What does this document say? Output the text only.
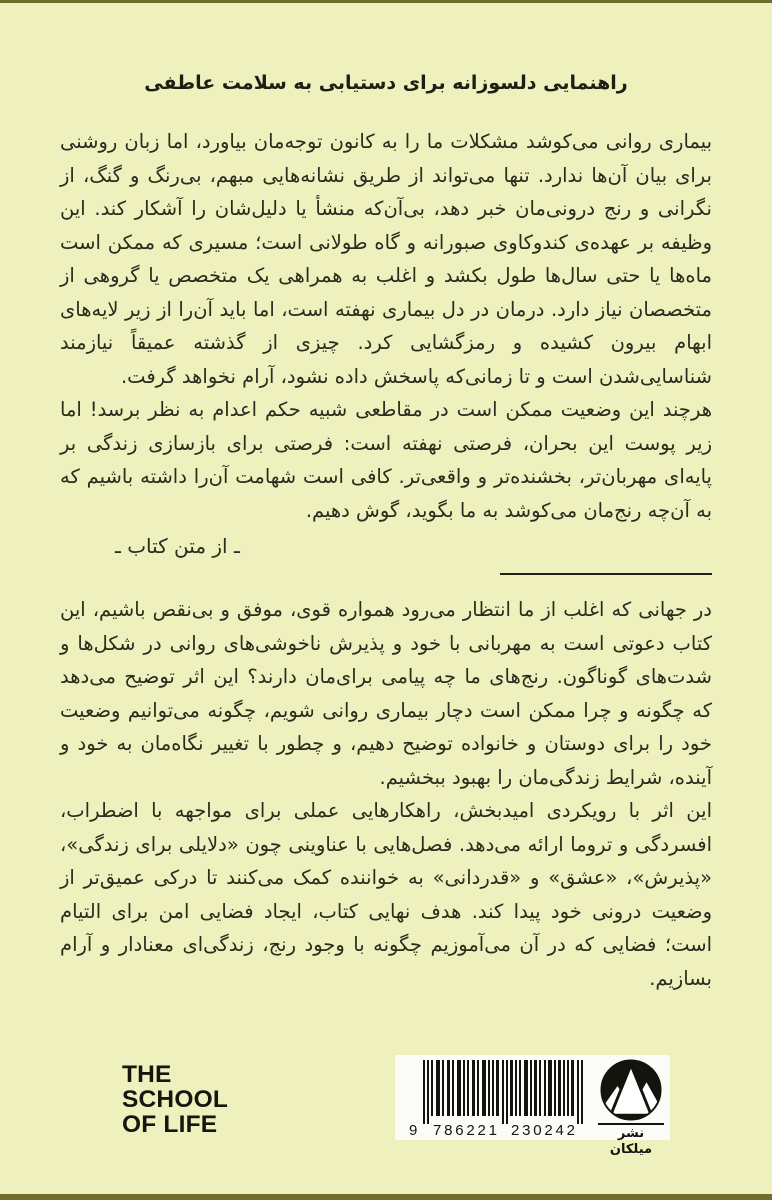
راهنمایی دلسوزانه برای دستیابی به سلامت عاطفی

بیماری روانی می‌کوشد مشکلات ما را به کانون توجه‌مان بیاورد، اما زبان روشنی برای بیان آن‌ها ندارد. تنها می‌تواند از طریق نشانه‌هایی مبهم، بی‌رنگ و گنگ، از نگرانی و رنج درونی‌مان خبر دهد، بی‌آن‌که منشأ یا دلیل‌شان را آشکار کند. این وظیفه بر عهده‌ی کندوکاوی صبورانه و گاه طولانی است؛ مسیری که ممکن است ماه‌ها یا حتی سال‌ها طول بکشد و اغلب به همراهی یک متخصص یا گروهی از متخصصان نیاز دارد. درمان در دل بیماری نهفته است، اما باید آن‌را از زیر لایه‌های ابهام بیرون کشیده و رمزگشایی کرد. چیزی از گذشته عمیقاً نیازمند شناسایی‌شدن است و تا زمانی‌که پاسخش داده نشود، آرام نخواهد گرفت.

هرچند این وضعیت ممکن است در مقاطعی شبیه حکم اعدام به نظر برسد! اما زیر پوست این بحران، فرصتی نهفته است: فرصتی برای بازسازی زندگی بر پایه‌ای مهربان‌تر، بخشنده‌تر و واقعی‌تر. کافی است شهامت آن‌را داشته باشیم که به آن‌چه رنج‌مان می‌کوشد به ما بگوید، گوش دهیم.

ـ از متن کتاب ـ

در جهانی که اغلب از ما انتظار می‌رود همواره قوی، موفق و بی‌نقص باشیم، این کتاب دعوتی است به مهربانی با خود و پذیرش ناخوشی‌های روانی در شکل‌ها و شدت‌های گوناگون. رنج‌های ما چه پیامی برای‌مان دارند؟ این اثر توضیح می‌دهد که چگونه و چرا ممکن است دچار بیماری روانی شویم، چگونه می‌توانیم وضعیت خود را برای دوستان و خانواده توضیح دهیم، و چطور با تغییر نگاه‌مان به خود و آینده، شرایط زندگی‌مان را بهبود ببخشیم.

این اثر با رویکردی امیدبخش، راهکارهایی عملی برای مواجهه با اضطراب، افسردگی و تروما ارائه می‌دهد. فصل‌هایی با عناوینی چون «دلایلی برای زندگی»، «پذیرش»، «عشق» و «قدردانی» به خواننده کمک می‌کنند تا درکی عمیق‌تر از وضعیت درونی خود پیدا کند. هدف نهایی کتاب، ایجاد فضایی امن برای التیام است؛ فضایی که در آن می‌آموزیم چگونه با وجود رنج، زندگی‌ای معنادار و آرام بسازیم.

THE
SCHOOL
OF LIFE	9 786221 230242	نشر میلکان
